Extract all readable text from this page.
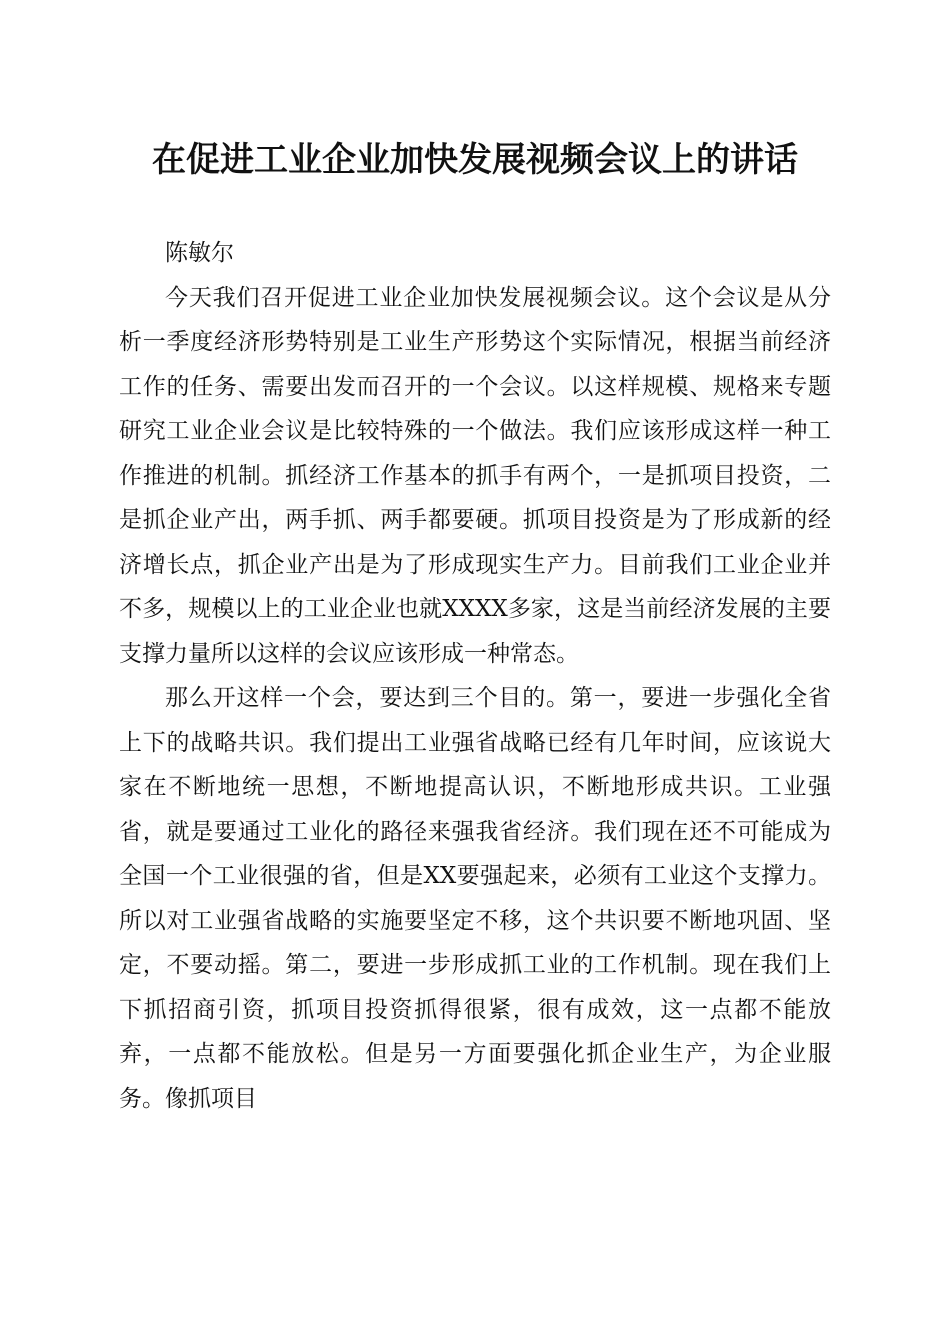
在促进工业企业加快发展视频会议上的讲话

陈敏尔

今天我们召开促进工业企业加快发展视频会议。这个会议是从分析一季度经济形势特别是工业生产形势这个实际情况，根据当前经济工作的任务、需要出发而召开的一个会议。以这样规模、规格来专题研究工业企业会议是比较特殊的一个做法。我们应该形成这样一种工作推进的机制。抓经济工作基本的抓手有两个，一是抓项目投资，二是抓企业产出，两手抓、两手都要硬。抓项目投资是为了形成新的经济增长点，抓企业产出是为了形成现实生产力。目前我们工业企业并不多，规模以上的工业企业也就XXXX多家，这是当前经济发展的主要支撑力量所以这样的会议应该形成一种常态。

那么开这样一个会，要达到三个目的。第一，要进一步强化全省上下的战略共识。我们提出工业强省战略已经有几年时间，应该说大家在不断地统一思想，不断地提高认识，不断地形成共识。工业强省，就是要通过工业化的路径来强我省经济。我们现在还不可能成为全国一个工业很强的省，但是XX要强起来，必须有工业这个支撑力。所以对工业强省战略的实施要坚定不移，这个共识要不断地巩固、坚定，不要动摇。第二，要进一步形成抓工业的工作机制。现在我们上下抓招商引资，抓项目投资抓得很紧，很有成效，这一点都不能放弃，一点都不能放松。但是另一方面要强化抓企业生产，为企业服务。像抓项目
